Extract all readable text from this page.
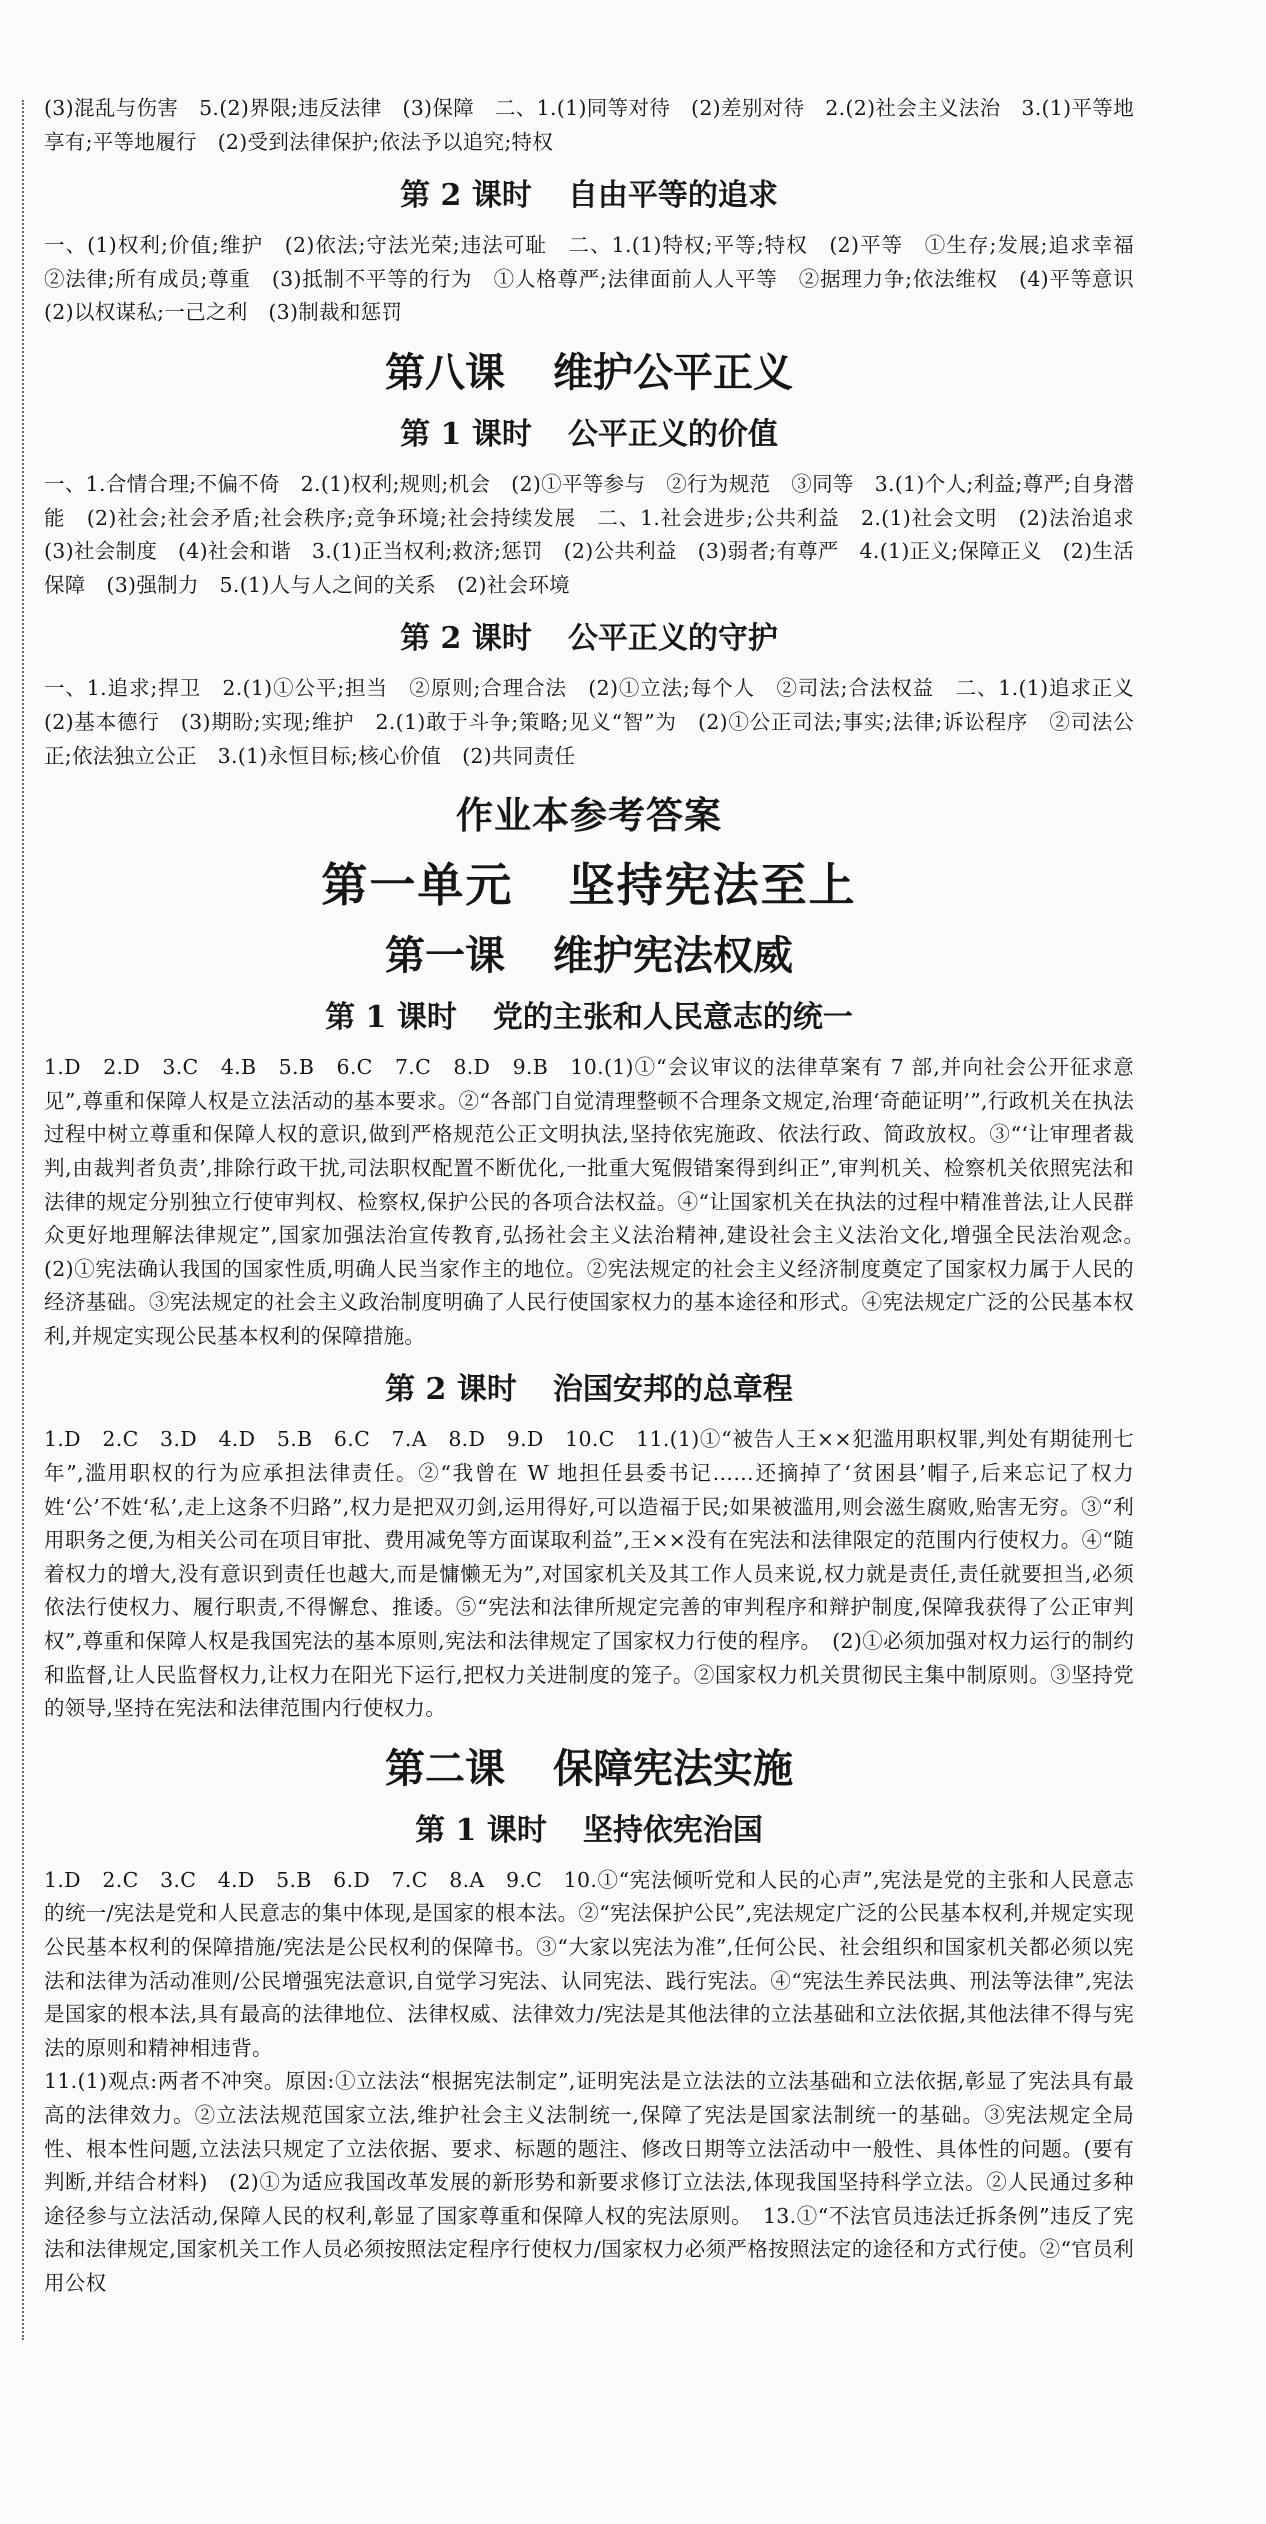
(3)混乱与伤害　5.(2)界限;违反法律　(3)保障　二、1.(1)同等对待　(2)差别对待　2.(2)社会主义法治　3.(1)平等地享有;平等地履行　(2)受到法律保护;依法予以追究;特权

第 2 课时 自由平等的追求

一、(1)权利;价值;维护　(2)依法;守法光荣;违法可耻　二、1.(1)特权;平等;特权　(2)平等　①生存;发展;追求幸福　②法律;所有成员;尊重　(3)抵制不平等的行为　①人格尊严;法律面前人人平等　②据理力争;依法维权　(4)平等意识　(2)以权谋私;一己之利　(3)制裁和惩罚

第八课 维护公平正义
第 1 课时 公平正义的价值

一、1.合情合理;不偏不倚　2.(1)权利;规则;机会　(2)①平等参与　②行为规范　③同等　3.(1)个人;利益;尊严;自身潜能　(2)社会;社会矛盾;社会秩序;竞争环境;社会持续发展　二、1.社会进步;公共利益　2.(1)社会文明　(2)法治追求　(3)社会制度　(4)社会和谐　3.(1)正当权利;救济;惩罚　(2)公共利益　(3)弱者;有尊严　4.(1)正义;保障正义　(2)生活保障　(3)强制力　5.(1)人与人之间的关系　(2)社会环境

第 2 课时 公平正义的守护

一、1.追求;捍卫　2.(1)①公平;担当　②原则;合理合法　(2)①立法;每个人　②司法;合法权益　二、1.(1)追求正义　(2)基本德行　(3)期盼;实现;维护　2.(1)敢于斗争;策略;见义“智”为　(2)①公正司法;事实;法律;诉讼程序　②司法公正;依法独立公正　3.(1)永恒目标;核心价值　(2)共同责任

作业本参考答案
第一单元 坚持宪法至上
第一课 维护宪法权威
第 1 课时 党的主张和人民意志的统一

1.D　2.D　3.C　4.B　5.B　6.C　7.C　8.D　9.B　10.(1)①“会议审议的法律草案有 7 部,并向社会公开征求意见”,尊重和保障人权是立法活动的基本要求。②“各部门自觉清理整顿不合理条文规定,治理‘奇葩证明’”,行政机关在执法过程中树立尊重和保障人权的意识,做到严格规范公正文明执法,坚持依宪施政、依法行政、简政放权。③“‘让审理者裁判,由裁判者负责’,排除行政干扰,司法职权配置不断优化,一批重大冤假错案得到纠正”,审判机关、检察机关依照宪法和法律的规定分别独立行使审判权、检察权,保护公民的各项合法权益。④“让国家机关在执法的过程中精准普法,让人民群众更好地理解法律规定”,国家加强法治宣传教育,弘扬社会主义法治精神,建设社会主义法治文化,增强全民法治观念。　(2)①宪法确认我国的国家性质,明确人民当家作主的地位。②宪法规定的社会主义经济制度奠定了国家权力属于人民的经济基础。③宪法规定的社会主义政治制度明确了人民行使国家权力的基本途径和形式。④宪法规定广泛的公民基本权利,并规定实现公民基本权利的保障措施。

第 2 课时 治国安邦的总章程

1.D　2.C　3.D　4.D　5.B　6.C　7.A　8.D　9.D　10.C　11.(1)①“被告人王××犯滥用职权罪,判处有期徒刑七年”,滥用职权的行为应承担法律责任。②“我曾在 W 地担任县委书记……还摘掉了‘贫困县’帽子,后来忘记了权力姓‘公’不姓‘私’,走上这条不归路”,权力是把双刃剑,运用得好,可以造福于民;如果被滥用,则会滋生腐败,贻害无穷。③“利用职务之便,为相关公司在项目审批、费用减免等方面谋取利益”,王××没有在宪法和法律限定的范围内行使权力。④“随着权力的增大,没有意识到责任也越大,而是慵懒无为”,对国家机关及其工作人员来说,权力就是责任,责任就要担当,必须依法行使权力、履行职责,不得懈怠、推诿。⑤“宪法和法律所规定完善的审判程序和辩护制度,保障我获得了公正审判权”,尊重和保障人权是我国宪法的基本原则,宪法和法律规定了国家权力行使的程序。　(2)①必须加强对权力运行的制约和监督,让人民监督权力,让权力在阳光下运行,把权力关进制度的笼子。②国家权力机关贯彻民主集中制原则。③坚持党的领导,坚持在宪法和法律范围内行使权力。

第二课 保障宪法实施
第 1 课时 坚持依宪治国

1.D　2.C　3.C　4.D　5.B　6.D　7.C　8.A　9.C　10.①“宪法倾听党和人民的心声”,宪法是党的主张和人民意志的统一/宪法是党和人民意志的集中体现,是国家的根本法。②“宪法保护公民”,宪法规定广泛的公民基本权利,并规定实现公民基本权利的保障措施/宪法是公民权利的保障书。③“大家以宪法为准”,任何公民、社会组织和国家机关都必须以宪法和法律为活动准则/公民增强宪法意识,自觉学习宪法、认同宪法、践行宪法。④“宪法生养民法典、刑法等法律”,宪法是国家的根本法,具有最高的法律地位、法律权威、法律效力/宪法是其他法律的立法基础和立法依据,其他法律不得与宪法的原则和精神相违背。

11.(1)观点:两者不冲突。原因:①立法法“根据宪法制定”,证明宪法是立法法的立法基础和立法依据,彰显了宪法具有最高的法律效力。②立法法规范国家立法,维护社会主义法制统一,保障了宪法是国家法制统一的基础。③宪法规定全局性、根本性问题,立法法只规定了立法依据、要求、标题的题注、修改日期等立法活动中一般性、具体性的问题。(要有判断,并结合材料)　(2)①为适应我国改革发展的新形势和新要求修订立法法,体现我国坚持科学立法。②人民通过多种途径参与立法活动,保障人民的权利,彰显了国家尊重和保障人权的宪法原则。　13.①“不法官员违法迁拆条例”违反了宪法和法律规定,国家机关工作人员必须按照法定程序行使权力/国家权力必须严格按照法定的途径和方式行使。②“官员利用公权
